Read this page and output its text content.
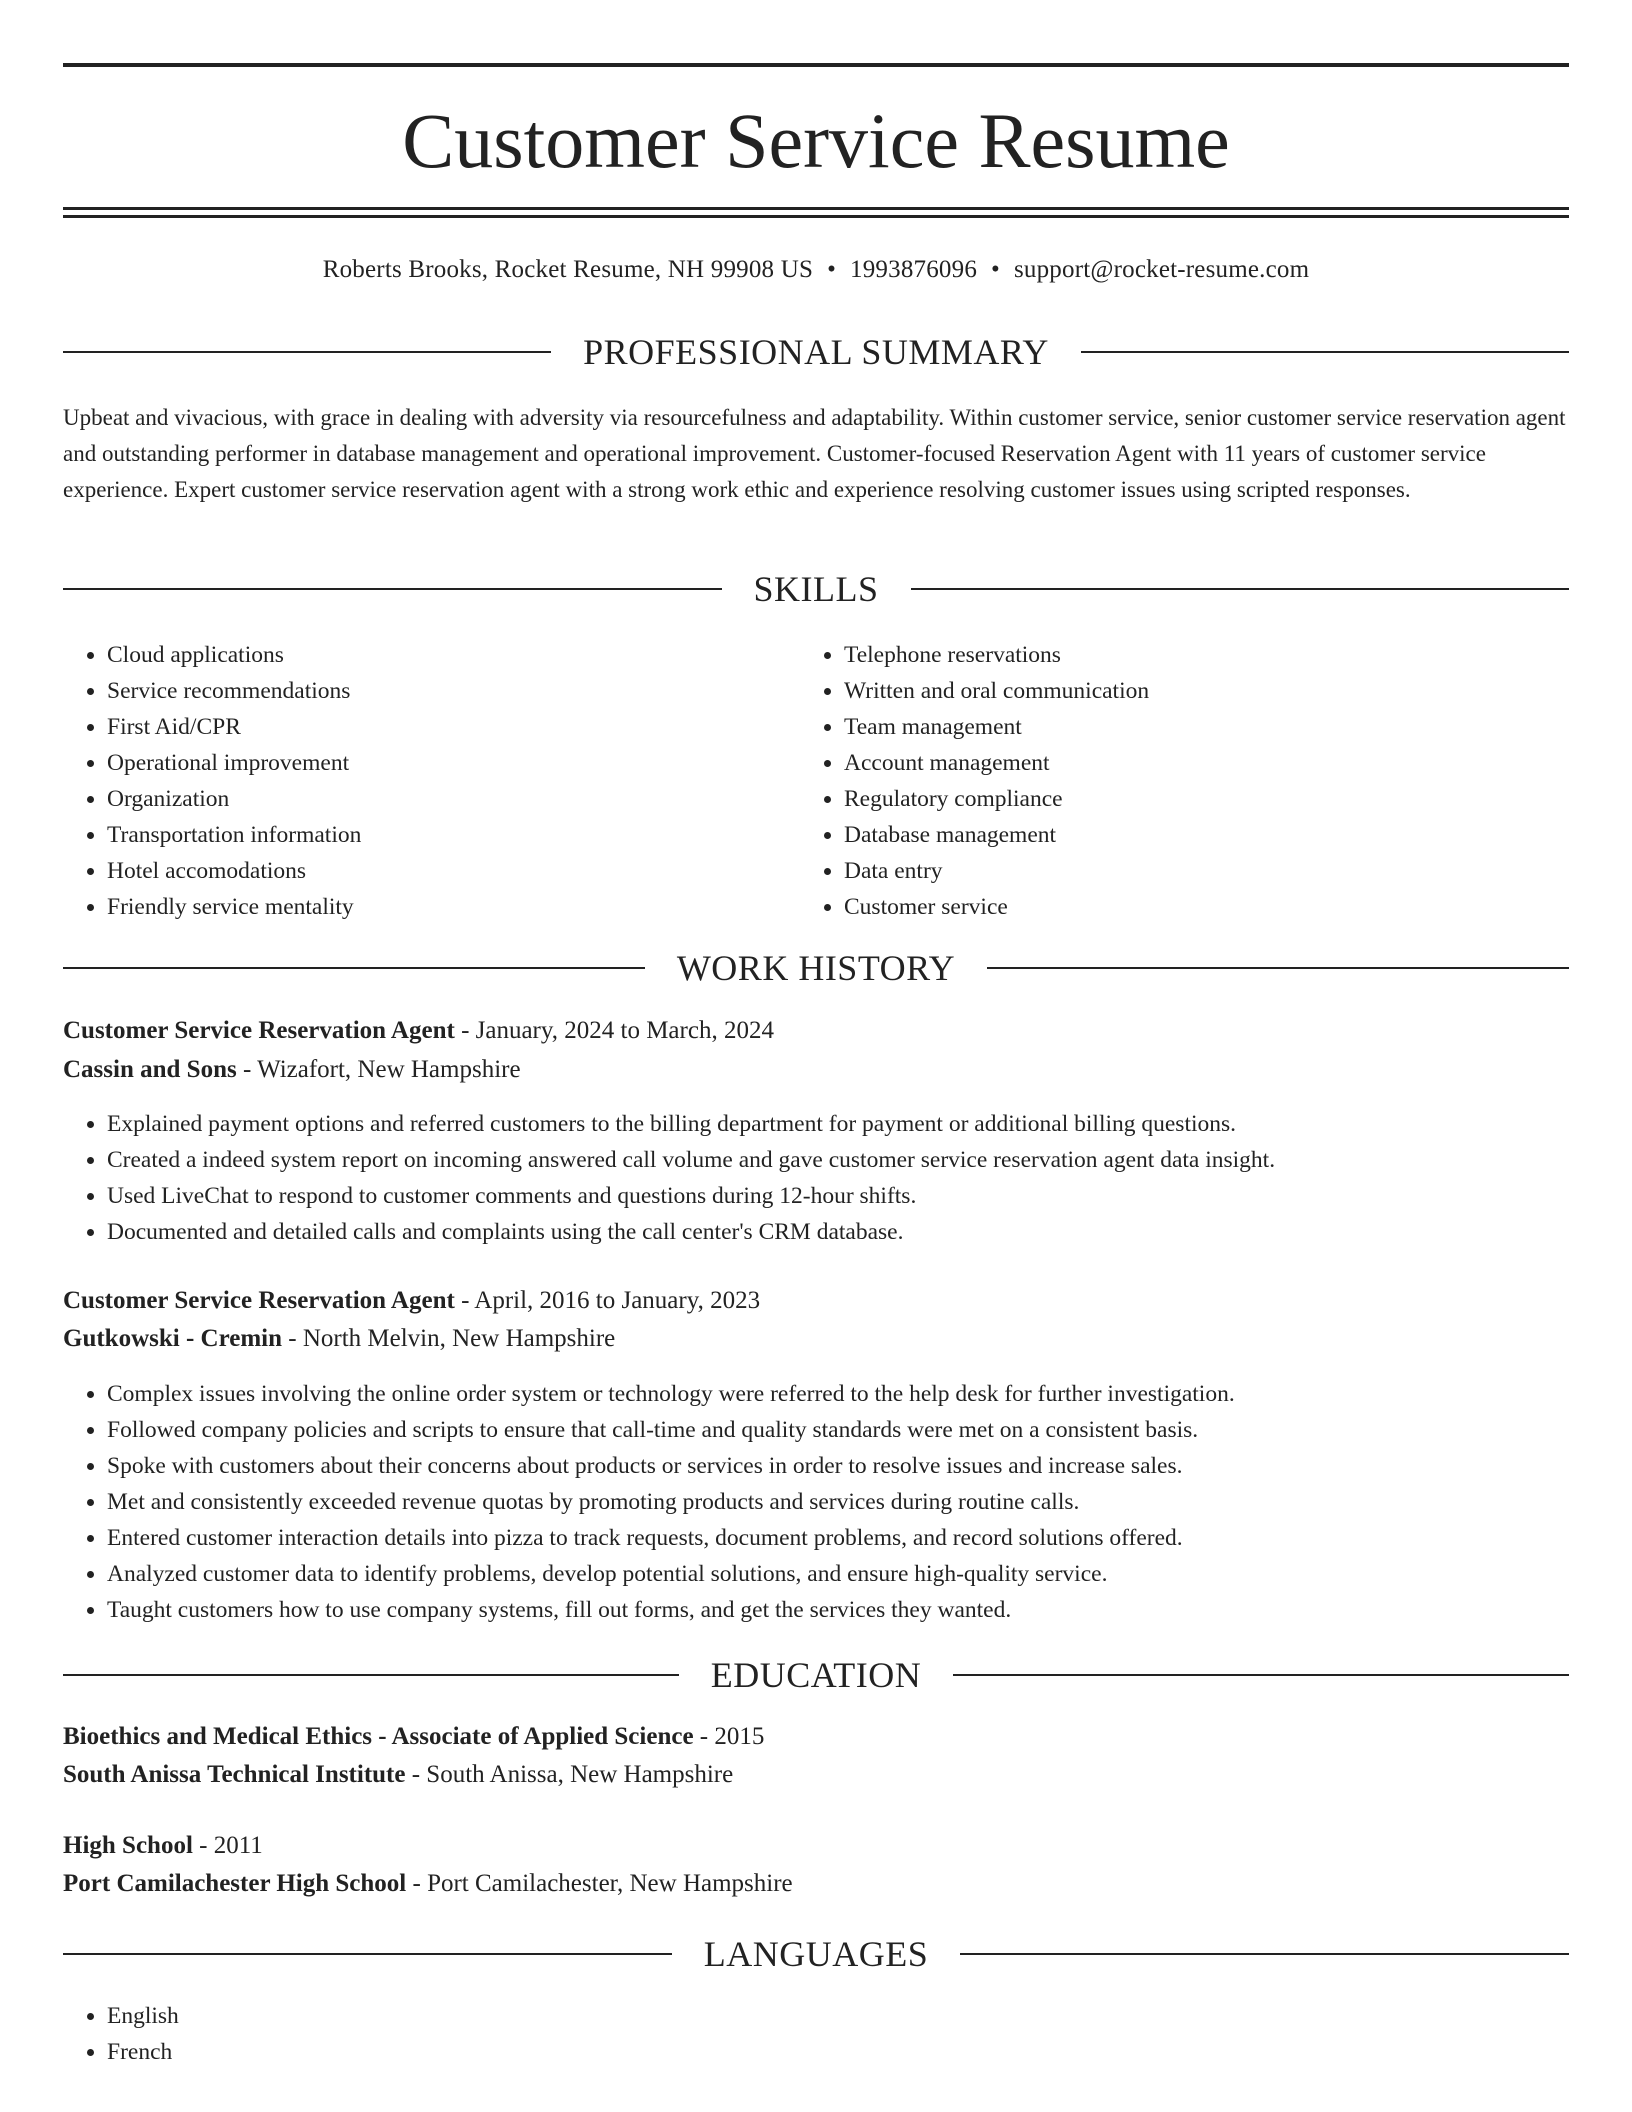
Customer Service Resume
Roberts Brooks, Rocket Resume, NH 99908 US • 1993876096 • support@rocket-resume.com
PROFESSIONAL SUMMARY

Upbeat and vivacious, with grace in dealing with adversity via resourcefulness and adaptability. Within customer service, senior customer service reservation agent and outstanding performer in database management and operational improvement. Customer-focused Reservation Agent with 11 years of customer service experience. Expert customer service reservation agent with a strong work ethic and experience resolving customer issues using scripted responses.

SKILLS
• Cloud applications
• Service recommendations
• First Aid/CPR
• Operational improvement
• Organization
• Transportation information
• Hotel accomodations
• Friendly service mentality
• Telephone reservations
• Written and oral communication
• Team management
• Account management
• Regulatory compliance
• Database management
• Data entry
• Customer service
WORK HISTORY
Customer Service Reservation Agent - January, 2024 to March, 2024
Cassin and Sons - Wizafort, New Hampshire
• Explained payment options and referred customers to the billing department for payment or additional billing questions.
• Created a indeed system report on incoming answered call volume and gave customer service reservation agent data insight.
• Used LiveChat to respond to customer comments and questions during 12-hour shifts.
• Documented and detailed calls and complaints using the call center's CRM database.
Customer Service Reservation Agent - April, 2016 to January, 2023
Gutkowski - Cremin - North Melvin, New Hampshire
• Complex issues involving the online order system or technology were referred to the help desk for further investigation.
• Followed company policies and scripts to ensure that call-time and quality standards were met on a consistent basis.
• Spoke with customers about their concerns about products or services in order to resolve issues and increase sales.
• Met and consistently exceeded revenue quotas by promoting products and services during routine calls.
• Entered customer interaction details into pizza to track requests, document problems, and record solutions offered.
• Analyzed customer data to identify problems, develop potential solutions, and ensure high-quality service.
• Taught customers how to use company systems, fill out forms, and get the services they wanted.
EDUCATION
Bioethics and Medical Ethics - Associate of Applied Science - 2015
South Anissa Technical Institute - South Anissa, New Hampshire
High School - 2011
Port Camilachester High School - Port Camilachester, New Hampshire
LANGUAGES
• English
• French
